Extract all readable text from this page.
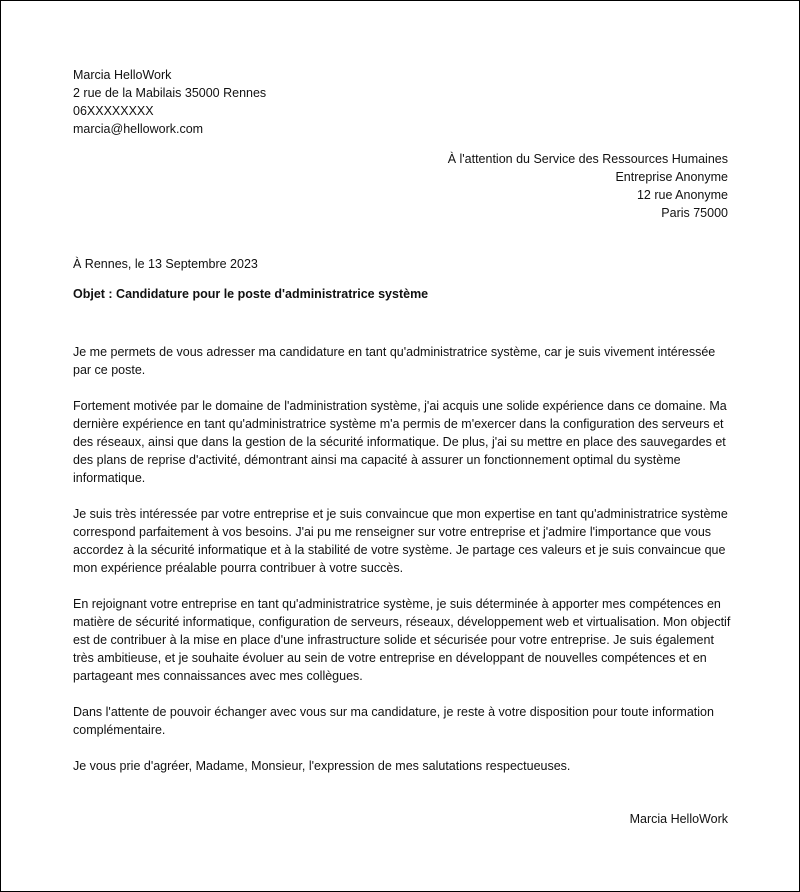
Marcia HelloWork
2 rue de la Mabilais 35000 Rennes
06XXXXXXXX
marcia@hellowork.com
À l'attention du Service des Ressources Humaines
Entreprise Anonyme
12 rue Anonyme
Paris 75000
À Rennes, le 13 Septembre 2023
Objet : Candidature pour le poste d'administratrice système

Je me permets de vous adresser ma candidature en tant qu'administratrice système, car je suis vivement intéressée par ce poste.

Fortement motivée par le domaine de l'administration système, j'ai acquis une solide expérience dans ce domaine. Ma dernière expérience en tant qu'administratrice système m'a permis de m'exercer dans la configuration des serveurs et des réseaux, ainsi que dans la gestion de la sécurité informatique. De plus, j'ai su mettre en place des sauvegardes et des plans de reprise d'activité, démontrant ainsi ma capacité à assurer un fonctionnement optimal du système informatique.

Je suis très intéressée par votre entreprise et je suis convaincue que mon expertise en tant qu'administratrice système correspond parfaitement à vos besoins. J'ai pu me renseigner sur votre entreprise et j'admire l'importance que vous accordez à la sécurité informatique et à la stabilité de votre système. Je partage ces valeurs et je suis convaincue que mon expérience préalable pourra contribuer à votre succès.

En rejoignant votre entreprise en tant qu'administratrice système, je suis déterminée à apporter mes compétences en matière de sécurité informatique, configuration de serveurs, réseaux, développement web et virtualisation. Mon objectif est de contribuer à la mise en place d'une infrastructure solide et sécurisée pour votre entreprise. Je suis également très ambitieuse, et je souhaite évoluer au sein de votre entreprise en développant de nouvelles compétences et en partageant mes connaissances avec mes collègues.

Dans l'attente de pouvoir échanger avec vous sur ma candidature, je reste à votre disposition pour toute information complémentaire.

Je vous prie d'agréer, Madame, Monsieur, l'expression de mes salutations respectueuses.

Marcia HelloWork
